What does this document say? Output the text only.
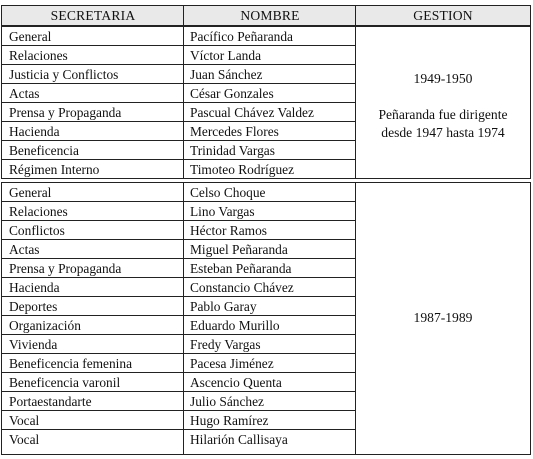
SECRETARIA	NOMBRE	GESTION
General	Pacífico Peñaranda
Relaciones	Víctor Landa
Justicia y Conflictos	Juan Sánchez
Actas	César Gonzales
Prensa y Propaganda	Pascual Chávez Valdez
Hacienda	Mercedes Flores
Beneficencia	Trinidad Vargas
Régimen Interno	Timoteo Rodríguez
1949-1950
Peñaranda fue dirigente
desde 1947 hasta 1974
General	Celso Choque
Relaciones	Lino Vargas
Conflictos	Héctor Ramos
Actas	Miguel Peñaranda
Prensa y Propaganda	Esteban Peñaranda
Hacienda	Constancio Chávez
Deportes	Pablo Garay
Organización	Eduardo Murillo
Vivienda	Fredy Vargas
Beneficencia femenina	Pacesa Jiménez
Beneficencia varonil	Ascencio Quenta
Portaestandarte	Julio Sánchez
Vocal	Hugo Ramírez
Vocal	Hilarión Callisaya
1987-1989
